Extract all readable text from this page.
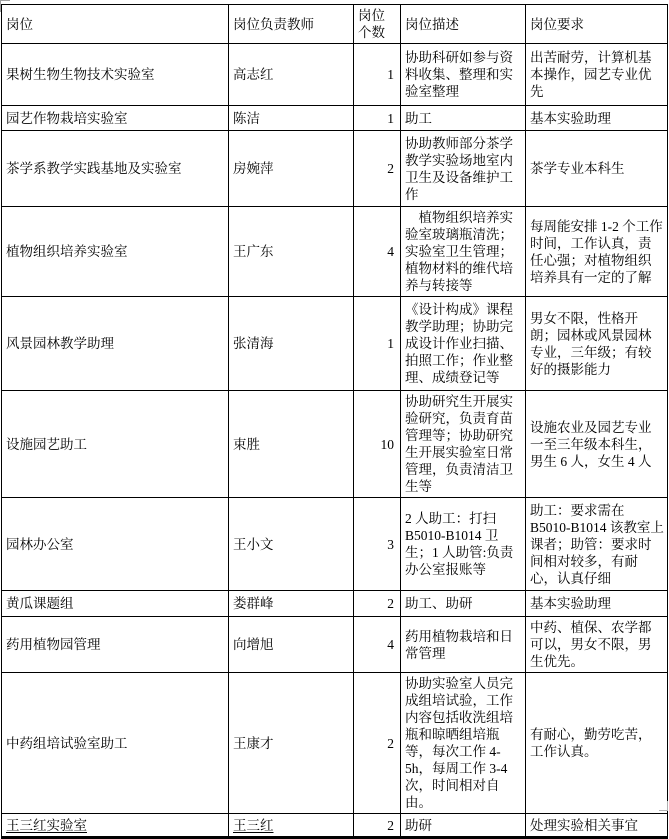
岗位	岗位负责教师	岗位个数	岗位描述	岗位要求
果树生物生物技术实验室	高志红	1	协助科研如参与资料收集、整理和实验室整理	出苦耐劳，计算机基本操作，园艺专业优先
园艺作物栽培实验室	陈洁	1	助工	基本实验助理
茶学系教学实践基地及实验室	房婉萍	2	协助教师部分茶学教学实验场地室内卫生及设备维护工作	茶学专业本科生
植物组织培养实验室	王广东	4	　植物组织培养实验室玻璃瓶清洗；实验室卫生管理；植物材料的维代培养与转接等	每周能安排 1-2 个工作时间，工作认真，责任心强；对植物组织培养具有一定的了解
风景园林教学助理	张清海	1	《设计构成》课程教学助理；协助完成设计作业扫描、拍照工作；作业整理、成绩登记等	男女不限，性格开朗；园林或风景园林专业，三年级；有较好的摄影能力
设施园艺助工	束胜	10	协助研究生开展实验研究，负责育苗管理等；协助研究生开展实验室日常管理，负责清洁卫生等	设施农业及园艺专业一至三年级本科生，男生 6 人，女生 4 人
园林办公室	王小文	3	2 人助工：打扫 B5010-B1014 卫生；1 人助管:负责办公室报账等	助工：要求需在 B5010-B1014 该教室上课者；助管：要求时间相对较多，有耐心，认真仔细
黄瓜课题组	娄群峰	2	助工、助研	基本实验助理
药用植物园管理	向增旭	4	药用植物栽培和日常管理	中药、植保、农学都可以，男女不限，男生优先。
中药组培试验室助工	王康才	2	协助实验室人员完成组培试验，工作内容包括收洗组培瓶和晾晒组培瓶等，每次工作 4-5h，每周工作 3-4 次，时间相对自由。	有耐心，勤劳吃苦，工作认真。
王三红实验室	王三红	2	助研	处理实验相关事宜
